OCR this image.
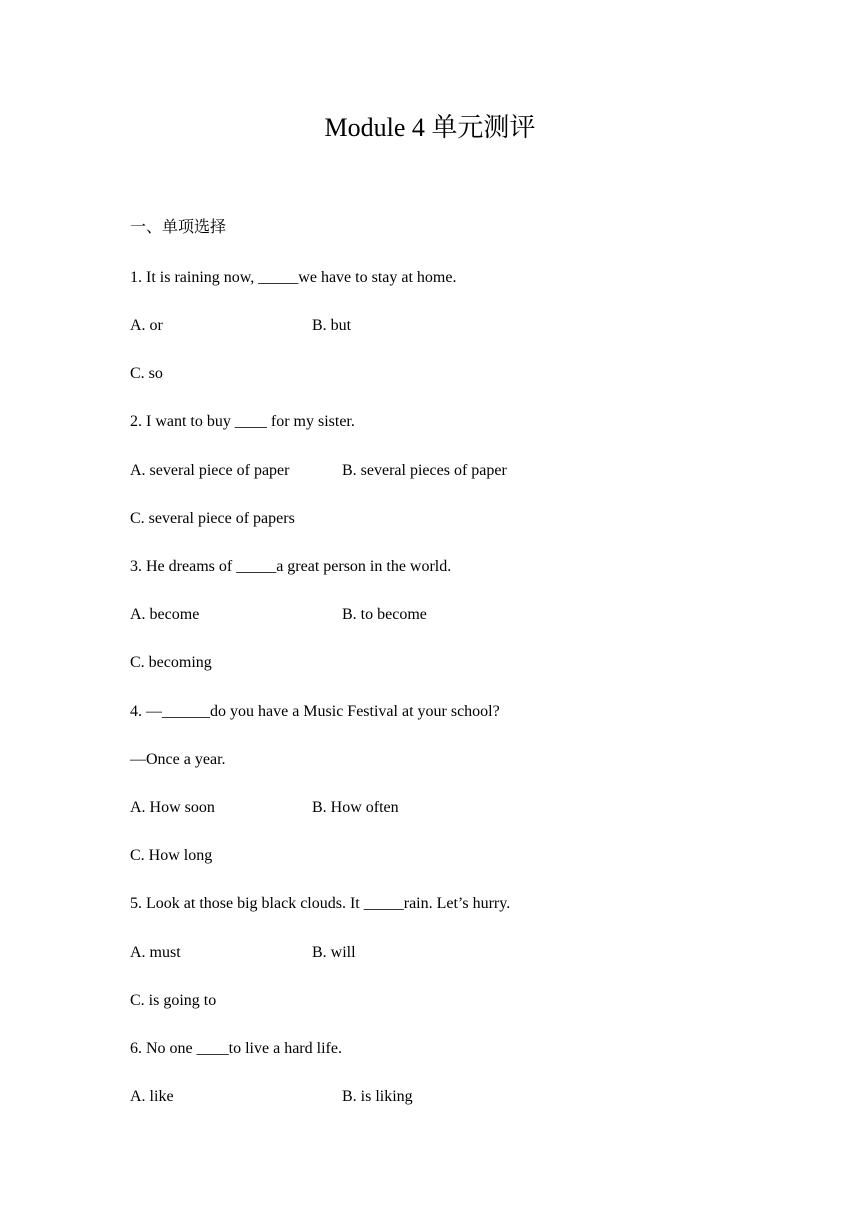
Module 4 单元测评
一、单项选择
1. It is raining now, _____we have to stay at home.
A. or	B. but
C. so
2. I want to buy ____ for my sister.
A. several piece of paper	B. several pieces of paper
C. several piece of papers
3. He dreams of _____a great person in the world.
A. become	B. to become
C. becoming
4. —______do you have a Music Festival at your school?
—Once a year.
A. How soon	B. How often
C. How long
5. Look at those big black clouds. It _____rain. Let’s hurry.
A. must	B. will
C. is going to
6. No one ____to live a hard life.
A. like	B. is liking
